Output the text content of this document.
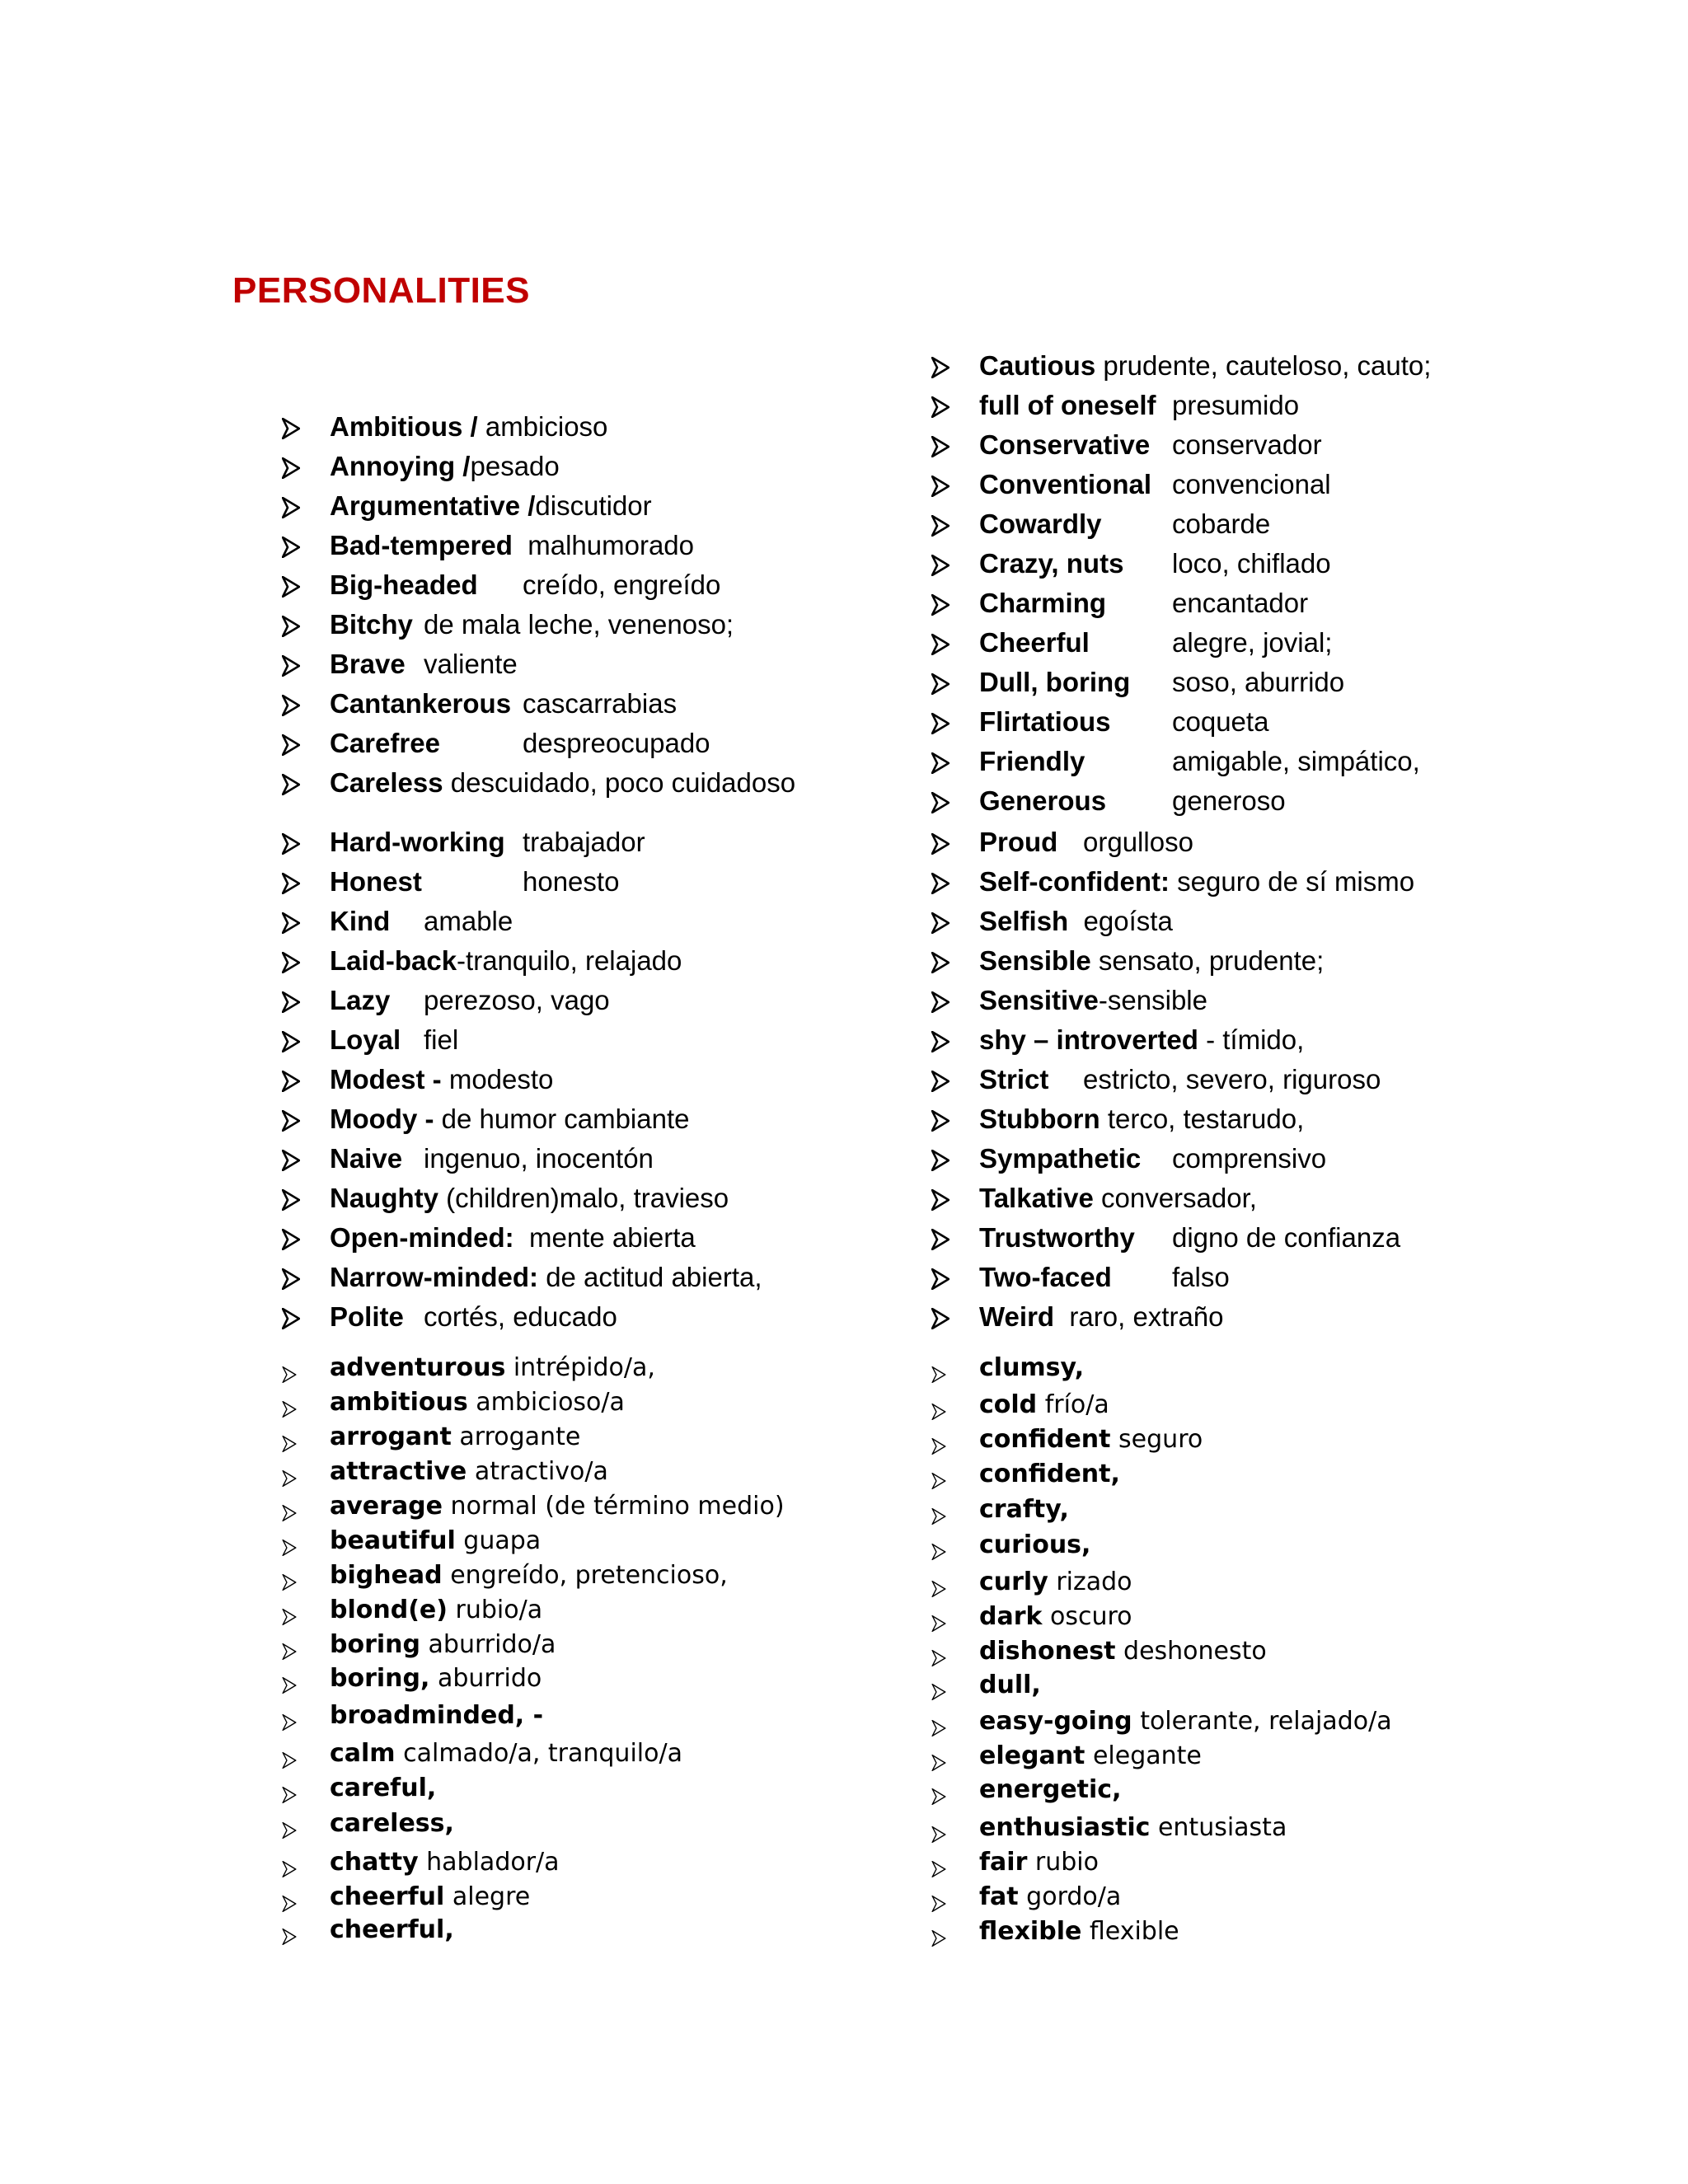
PERSONALITIES
Ambitious / ambicioso
Annoying /pesado
Argumentative /discutidor
Bad-tempered malhumorado
Big-headed creído, engreído
Bitchy de mala leche, venenoso;
Brave valiente
Cantankerous cascarrabias
Carefree	despreocupado
Careless descuidado, poco cuidadoso
Hard-working trabajador
Honest	honesto
Kind amable
Laid-back-tranquilo, relajado
Lazy perezoso, vago
Loyal fiel
Modest - modesto
Moody - de humor cambiante
Naive ingenuo, inocentón
Naughty (children)malo, travieso
Open-minded: mente abierta
Narrow-minded: de actitud abierta,
Polite cortés, educado
Cautious prudente, cauteloso, cauto;
full of oneself presumido
Conservative conservador
Conventional convencional
Cowardly	cobarde
Crazy, nuts loco, chiflado
Charming encantador
Cheerful	alegre, jovial;
Dull, boring soso, aburrido
Flirtatious coqueta
Friendly	amigable, simpático,
Generous generoso
Proud orgulloso
Self-confident: seguro de sí mismo
Selfish egoísta
Sensible sensato, prudente;
Sensitive-sensible
shy – introverted - tímido,
Strict estricto, severo, riguroso
Stubborn terco, testarudo,
Sympathetic comprensivo
Talkative conversador,
Trustworthy digno de confianza
Two-faced falso
Weird raro, extraño
adventurous intrépido/a,
ambitious ambicioso/a
arrogant arrogante
attractive atractivo/a
average normal (de término medio)
beautiful guapa
bighead engreído, pretencioso,
blond(e) rubio/a
boring aburrido/a
boring, aburrido
broadminded, -
calm calmado/a, tranquilo/a
careful,
careless,
chatty hablador/a
cheerful alegre
cheerful,
clumsy,
cold frío/a
confident seguro
confident,
crafty,
curious,
curly rizado
dark oscuro
dishonest deshonesto
dull,
easy-going tolerante, relajado/a
elegant elegante
energetic,
enthusiastic entusiasta
fair rubio
fat gordo/a
flexible flexible
